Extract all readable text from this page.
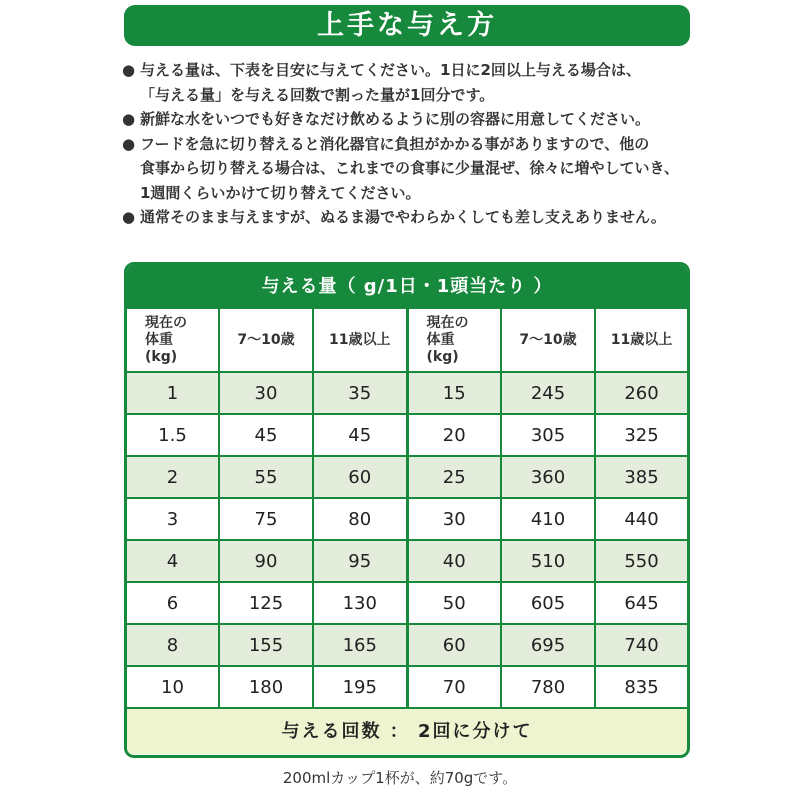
上手な与え方
● 与える量は、下表を目安に与えてください。1日に2回以上与える場合は、
「与える量」を与える回数で割った量が1回分です。
● 新鮮な水をいつでも好きなだけ飲めるように別の容器に用意してください。
● フードを急に切り替えると消化器官に負担がかかる事がありますので、他の
食事から切り替える場合は、これまでの食事に少量混ぜ、徐々に増やしていき、
1週間くらいかけて切り替えてください。
● 通常そのまま与えますが、ぬるま湯でやわらかくしても差し支えありません。
与える量（ g/1日・1頭当たり ）
現在の
体重
(kg)	7〜10歳	11歳以上	現在の
体重
(kg)	7〜10歳	11歳以上
1	30	35	15	245	260
1.5	45	45	20	305	325
2	55	60	25	360	385
3	75	80	30	410	440
4	90	95	40	510	550
6	125	130	50	605	645
8	155	165	60	695	740
10	180	195	70	780	835
与える回数 ： 2回に分けて
200mlカップ1杯が、約70gです。
